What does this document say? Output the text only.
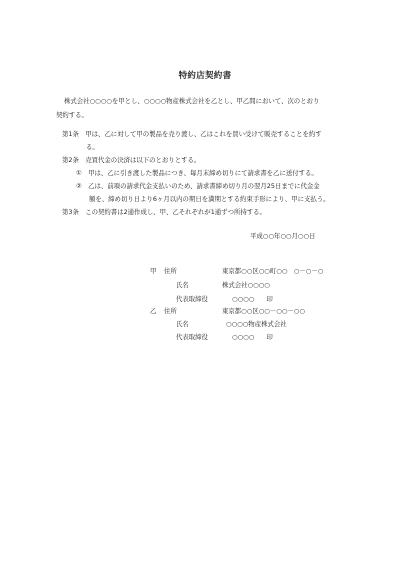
特約店契約書
株式会社○○○○を甲とし、○○○○物産株式会社を乙とし、甲乙間において、次のとおり
契約する。
第1条　甲は、乙に対して甲の製品を売り渡し、乙はこれを買い受けて販売することを約す
る。
第2条　売買代金の決済は以下のとおりとする。
①　甲は、乙に引き渡した製品につき、毎月末締め切りにて請求書を乙に送付する。
②　乙は、前項の請求代金支払いのため、請求書締め切り月の翌月25日までに代金金
額を、締め切り日より6ヶ月以内の期日を満期とする約束手形により、甲に支払う。
第3条　この契約書は2通作成し、甲、乙それぞれが1通ずつ所持する。
平成○○年○○月○○日
甲 住所	東京都○○区○○町○○　○－○－○
氏名	株式会社○○○○
代表取締役	○○○○ 印
乙 住所	東京都○○区○○－○○－○○
氏名	○○○○物産株式会社
代表取締役	○○○○ 印
